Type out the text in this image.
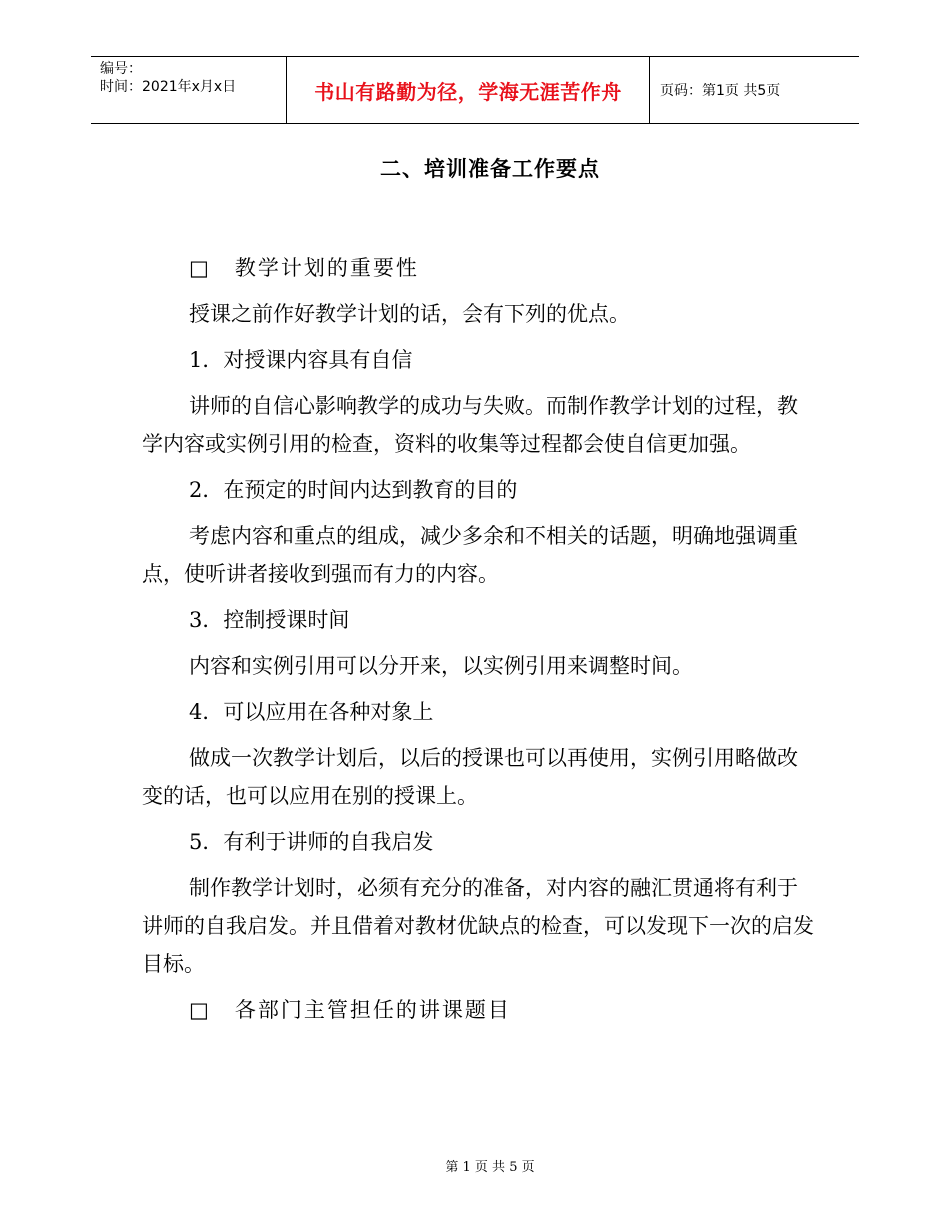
编号：
时间：2021年x月x日	书山有路勤为径，学海无涯苦作舟	页码：第1页 共5页
二、培训准备工作要点

□ 教学计划的重要性

授课之前作好教学计划的话，会有下列的优点。

1．对授课内容具有自信

讲师的自信心影响教学的成功与失败。而制作教学计划的过程，教学内容或实例引用的检查，资料的收集等过程都会使自信更加强。

2．在预定的时间内达到教育的目的

考虑内容和重点的组成，减少多余和不相关的话题，明确地强调重点，使听讲者接收到强而有力的内容。

3．控制授课时间

内容和实例引用可以分开来，以实例引用来调整时间。

4．可以应用在各种对象上

做成一次教学计划后，以后的授课也可以再使用，实例引用略做改变的话，也可以应用在别的授课上。

5．有利于讲师的自我启发

制作教学计划时，必须有充分的准备，对内容的融汇贯通将有利于讲师的自我启发。并且借着对教材优缺点的检查，可以发现下一次的启发目标。

□ 各部门主管担任的讲课题目

第 1 页 共 5 页
